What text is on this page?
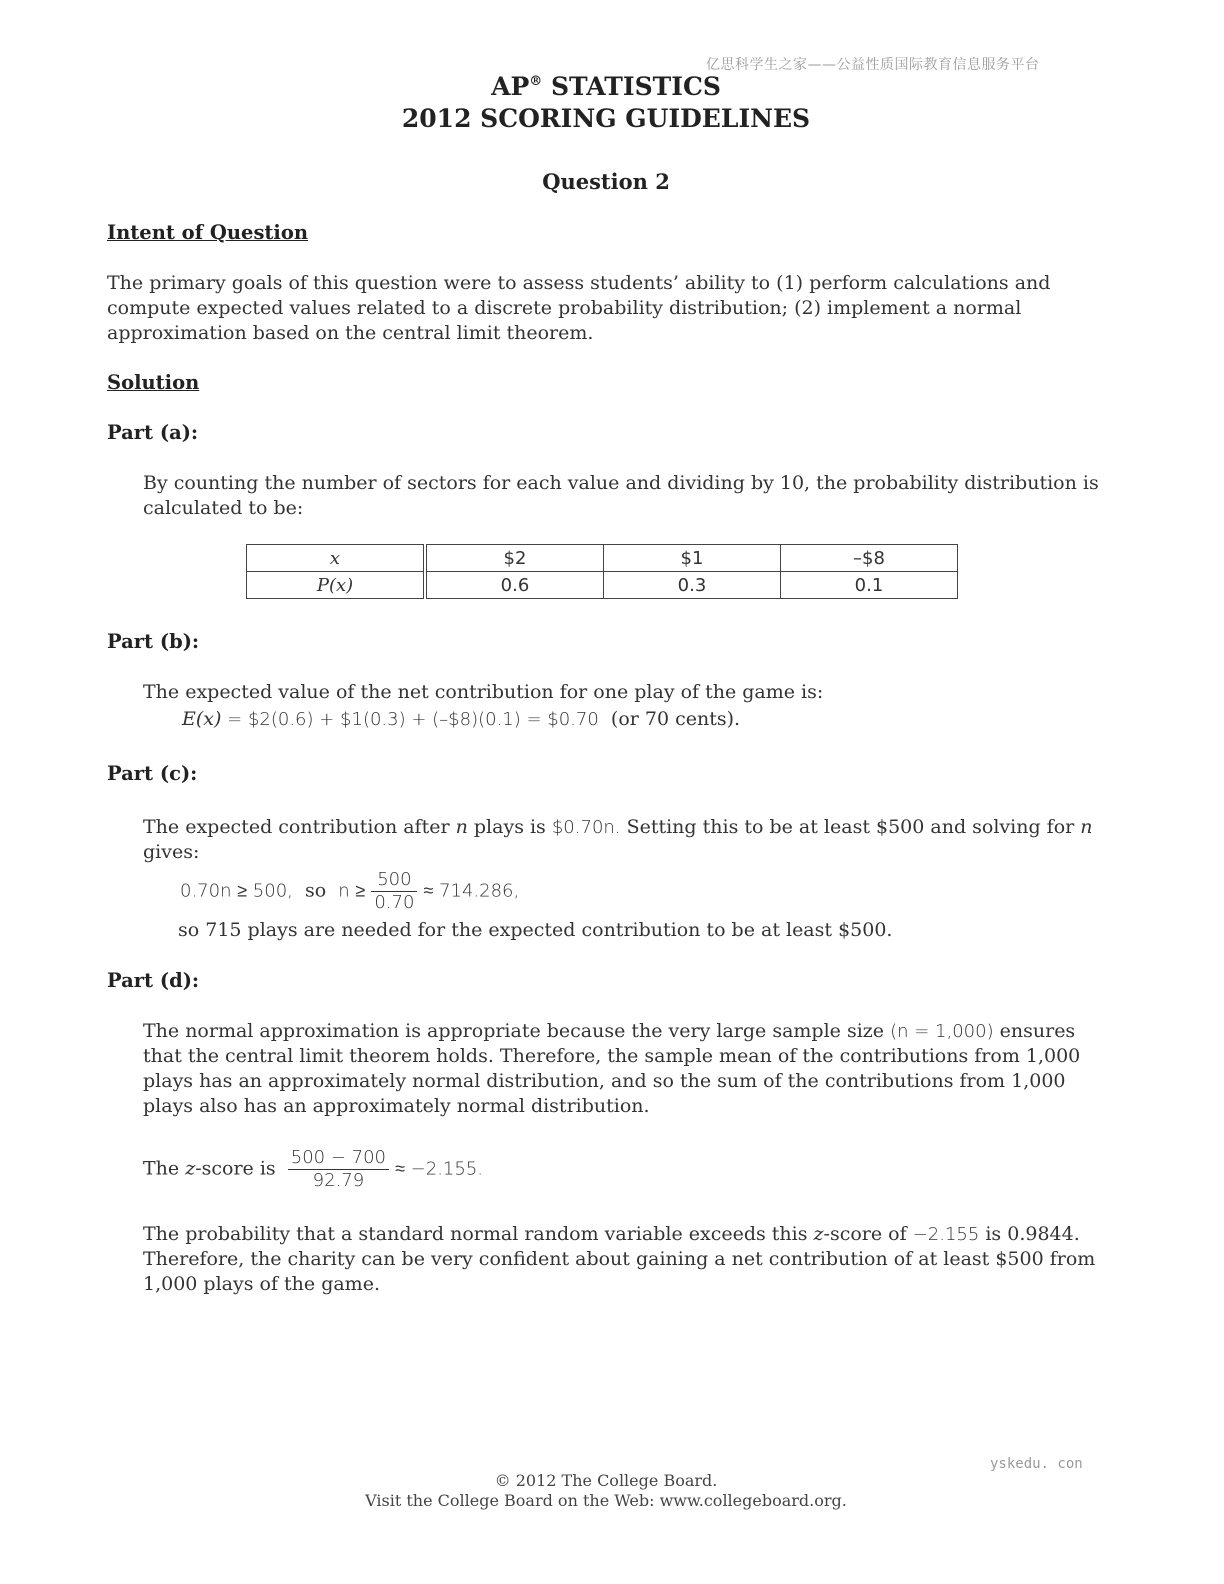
亿思科学生之家——公益性质国际教育信息服务平台
AP® STATISTICS
2012 SCORING GUIDELINES
Question 2
Intent of Question
The primary goals of this question were to assess students’ ability to (1) perform calculations and compute expected values related to a discrete probability distribution; (2) implement a normal approximation based on the central limit theorem.
Solution
Part (a):
By counting the number of sectors for each value and dividing by 10, the probability distribution is calculated to be:
x	$2	$1	–$8
P(x)	0.6	0.3	0.1
Part (b):
The expected value of the net contribution for one play of the game is:
E(x) = $2(0.6) + $1(0.3) + (–$8)(0.1) = $0.70 (or 70 cents).
Part (c):
The expected contribution after n plays is $0.70n. Setting this to be at least $500 and solving for n
gives:
0.70n ≥ 500, so $n \ge \frac{500}{0.70} \approx 714.286$,
so 715 plays are needed for the expected contribution to be at least $500.
Part (d):
The normal approximation is appropriate because the very large sample size (n = 1,000) ensures that the central limit theorem holds. Therefore, the sample mean of the contributions from 1,000 plays has an approximately normal distribution, and so the sum of the contributions from 1,000 plays also has an approximately normal distribution.
The z-score is $\frac{500 - 700}{92.79} \approx -2.155$.
The probability that a standard normal random variable exceeds this z-score of −2.155 is 0.9844. Therefore, the charity can be very confident about gaining a net contribution of at least $500 from 1,000 plays of the game.
yskedu. con
© 2012 The College Board.
Visit the College Board on the Web: www.collegeboard.org.
